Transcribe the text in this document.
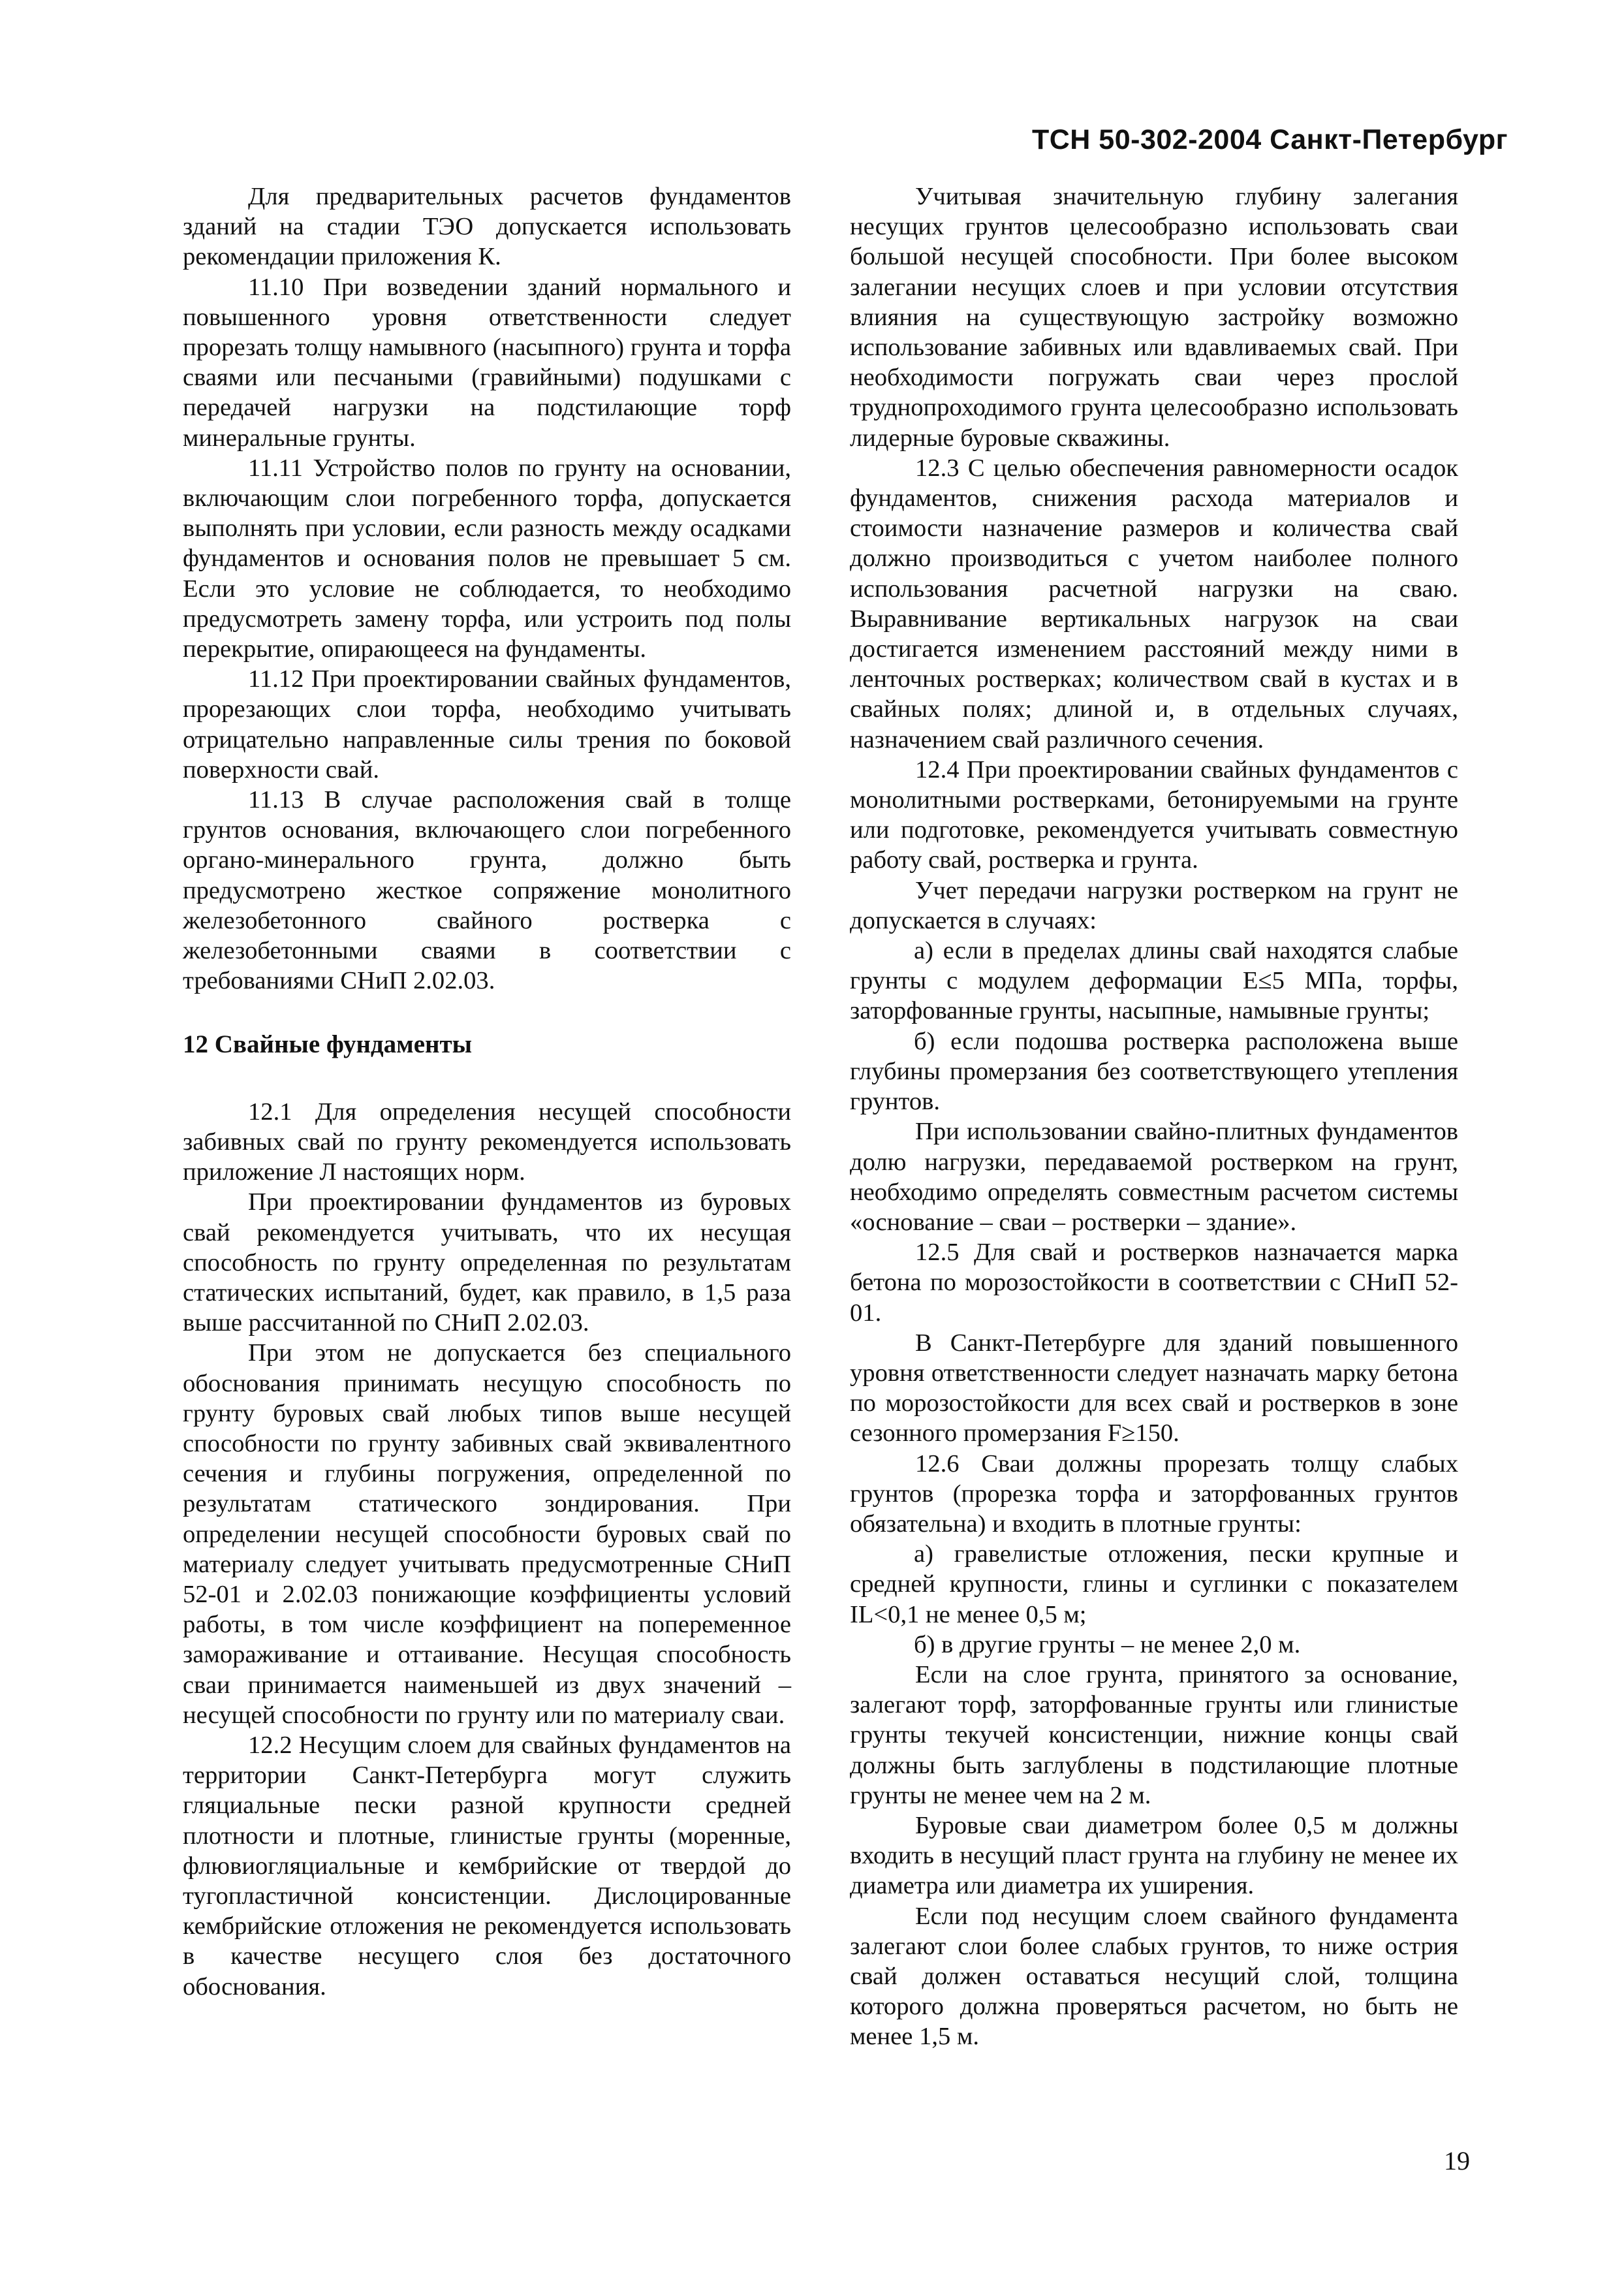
ТСН 50-302-2004 Санкт-Петербург

Для предварительных расчетов фундаментов зданий на стадии ТЭО допускается использовать рекомендации приложения К.

11.10 При возведении зданий нормального и повышенного уровня ответственности следует прорезать толщу намывного (насыпного) грунта и торфа сваями или песчаными (гравийными) подушками с передачей нагрузки на подстилающие торф минеральные грунты.

11.11 Устройство полов по грунту на основании, включающим слои погребенного торфа, допускается выполнять при условии, если разность между осадками фундаментов и основания полов не превышает 5 см. Если это условие не соблюдается, то необходимо предусмотреть замену торфа, или устроить под полы перекрытие, опирающееся на фундаменты.

11.12 При проектировании свайных фундаментов, прорезающих слои торфа, необходимо учитывать отрицательно направленные силы трения по боковой поверхности свай.

11.13 В случае расположения свай в толще грунтов основания, включающего слои погребенного органо-минерального грунта, должно быть предусмотрено жесткое сопряжение монолитного железобетонного свайного ростверка с железобетонными сваями в соответствии с требованиями СНиП 2.02.03.

12 Свайные фундаменты

12.1 Для определения несущей способности забивных свай по грунту рекомендуется использовать приложение Л настоящих норм.

При проектировании фундаментов из буровых свай рекомендуется учитывать, что их несущая способность по грунту определенная по результатам статических испытаний, будет, как правило, в 1,5 раза выше рассчитанной по СНиП 2.02.03.

При этом не допускается без специального обоснования принимать несущую способность по грунту буровых свай любых типов выше несущей способности по грунту забивных свай эквивалентного сечения и глубины погружения, определенной по результатам статического зондирования. При определении несущей способности буровых свай по материалу следует учитывать предусмотренные СНиП 52-01 и 2.02.03 понижающие коэффициенты условий работы, в том числе коэффициент на попеременное замораживание и оттаивание. Несущая способность сваи принимается наименьшей из двух значений – несущей способности по грунту или по материалу сваи.

12.2 Несущим слоем для свайных фундаментов на территории Санкт-Петербурга могут служить гляциальные пески разной крупности средней плотности и плотные, глинистые грунты (моренные, флювиогляциальные и кембрийские от твердой до тугопластичной консистенции. Дислоцированные кембрийские отложения не рекомендуется использовать в качестве несущего слоя без достаточного обоснования.

Учитывая значительную глубину залегания несущих грунтов целесообразно использовать сваи большой несущей способности. При более высоком залегании несущих слоев и при условии отсутствия влияния на существующую застройку возможно использование забивных или вдавливаемых свай. При необходимости погружать сваи через прослой труднопроходимого грунта целесообразно использовать лидерные буровые скважины.

12.3 С целью обеспечения равномерности осадок фундаментов, снижения расхода материалов и стоимости назначение размеров и количества свай должно производиться с учетом наиболее полного использования расчетной нагрузки на сваю. Выравнивание вертикальных нагрузок на сваи достигается изменением расстояний между ними в ленточных ростверках; количеством свай в кустах и в свайных полях; длиной и, в отдельных случаях, назначением свай различного сечения.

12.4 При проектировании свайных фундаментов с монолитными ростверками, бетонируемыми на грунте или подготовке, рекомендуется учитывать совместную работу свай, ростверка и грунта.

Учет передачи нагрузки ростверком на грунт не допускается в случаях:

а) если в пределах длины свай находятся слабые грунты с модулем деформации E≤5 МПа, торфы, заторфованные грунты, насыпные, намывные грунты;

б) если подошва ростверка расположена выше глубины промерзания без соответствующего утепления грунтов.

При использовании свайно-плитных фундаментов долю нагрузки, передаваемой ростверком на грунт, необходимо определять совместным расчетом системы «основание – сваи – ростверки – здание».

12.5 Для свай и ростверков назначается марка бетона по морозостойкости в соответствии с СНиП 52-01.

В Санкт-Петербурге для зданий повышенного уровня ответственности следует назначать марку бетона по морозостойкости для всех свай и ростверков в зоне сезонного промерзания F≥150.

12.6 Сваи должны прорезать толщу слабых грунтов (прорезка торфа и заторфованных грунтов обязательна) и входить в плотные грунты:

а) гравелистые отложения, пески крупные и средней крупности, глины и суглинки с показателем IL<0,1 не менее 0,5 м;

б) в другие грунты – не менее 2,0 м.

Если на слое грунта, принятого за основание, залегают торф, заторфованные грунты или глинистые грунты текучей консистенции, нижние концы свай должны быть заглублены в подстилающие плотные грунты не менее чем на 2 м.

Буровые сваи диаметром более 0,5 м должны входить в несущий пласт грунта на глубину не менее их диаметра или диаметра их уширения.

Если под несущим слоем свайного фундамента залегают слои более слабых грунтов, то ниже острия свай должен оставаться несущий слой, толщина которого должна проверяться расчетом, но быть не менее 1,5 м.

19
